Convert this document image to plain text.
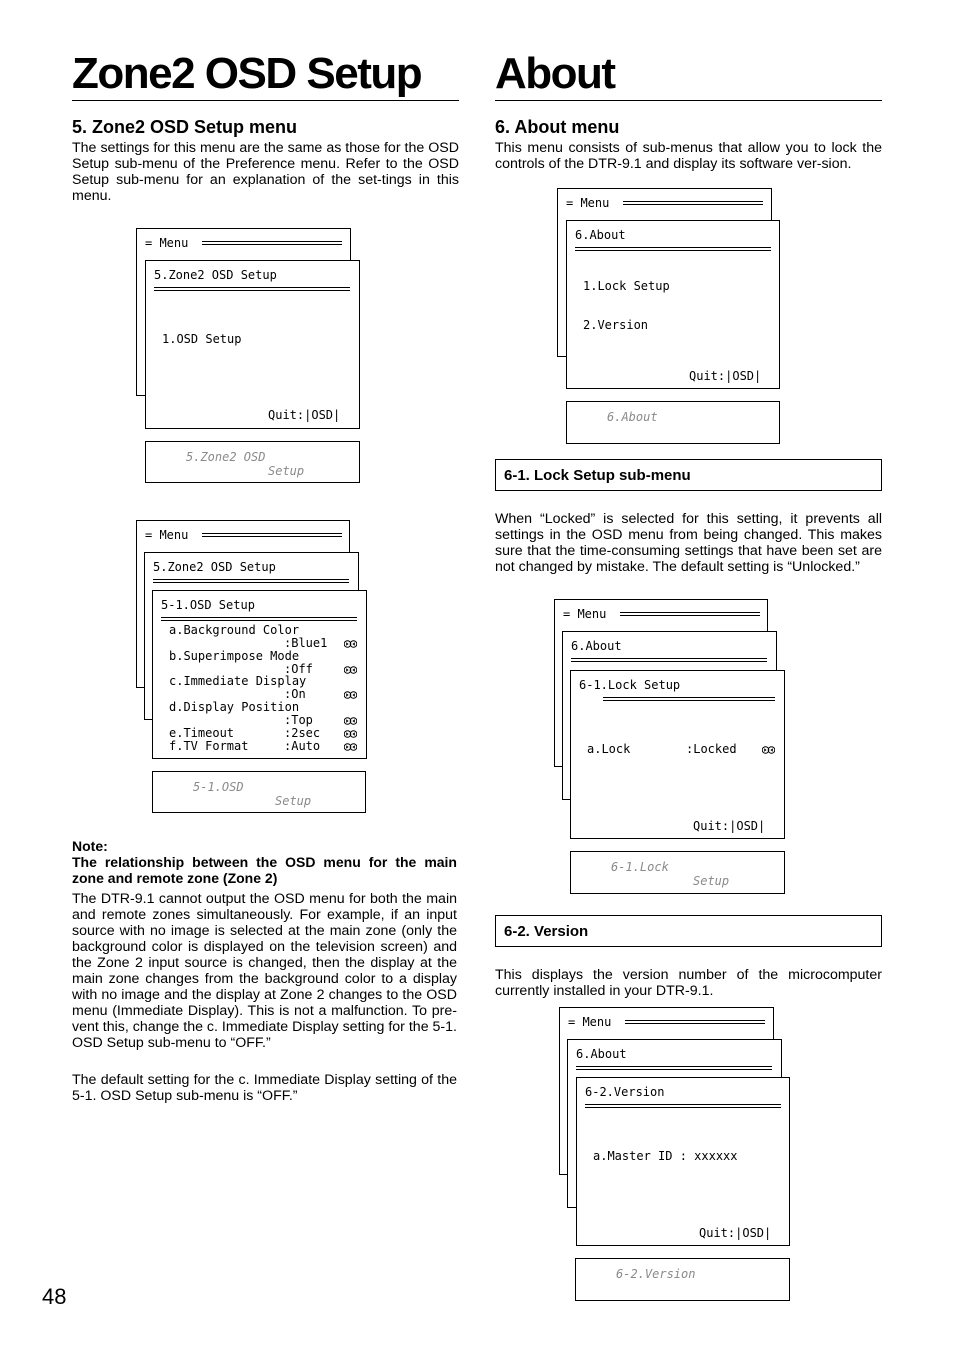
Zone2 OSD Setup
5. Zone2 OSD Setup menu
The settings for this menu are the same as those for the OSD Setup sub-menu of the Preference menu. Refer to the OSD Setup sub-menu for an explanation of the set-tings in this menu.
= Menu
5.Zone2 OSD Setup
1.OSD Setup
Quit:|OSD|
5.Zone2 OSD
Setup
= Menu
5.Zone2 OSD Setup
5-1.OSD Setup
a.Background Color
:Blue1
b.Superimpose Mode
:Off
c.Immediate Display
:On
d.Display Position
:Top
e.Timeout	:2sec
f.TV Format	:Auto
5-1.OSD
Setup
Note:
The relationship between the OSD menu for the main zone and remote zone (Zone 2)
The DTR-9.1 cannot output the OSD menu for both the main and remote zones simultaneously. For example, if an input source with no image is selected at the main zone (only the background color is displayed on the television screen) and the Zone 2 input source is changed, then the display at the main zone changes from the background color to a display with no image and the display at Zone 2 changes to the OSD menu (Immediate Display). This is not a malfunction. To pre-vent this, change the c. Immediate Display setting for the 5-1. OSD Setup sub-menu to “OFF.”
The default setting for the c. Immediate Display setting of the 5-1. OSD Setup sub-menu is “OFF.”
48
About
6. About menu
This menu consists of sub-menus that allow you to lock the controls of the DTR-9.1 and display its software ver-sion.
= Menu
6.About
1.Lock Setup
2.Version
Quit:|OSD|
6.About
6-1. Lock Setup sub-menu
When “Locked” is selected for this setting, it prevents all settings in the OSD menu from being changed. This makes sure that the time-consuming settings that have been set are not changed by mistake. The default setting is “Unlocked.”
= Menu
6.About
6-1.Lock Setup
a.Lock	:Locked
Quit:|OSD|
6-1.Lock
Setup
6-2. Version
This displays the version number of the microcomputer currently installed in your DTR-9.1.
= Menu
6.About
6-2.Version
a.Master ID : xxxxxx
Quit:|OSD|
6-2.Version
